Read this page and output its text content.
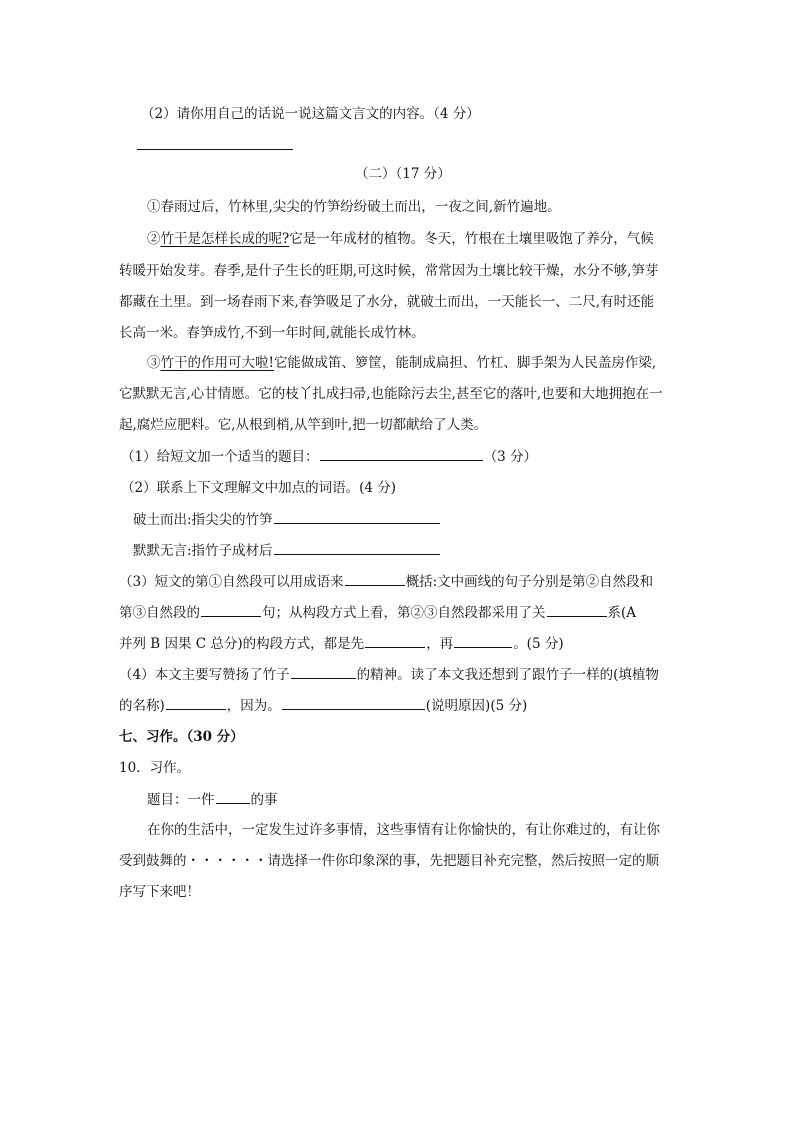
（2）请你用自己的话说一说这篇文言文的内容。（4 分）
（二）（17 分）
①春雨过后，竹林里,尖尖的竹笋纷纷破土而出，一夜之间,新竹遍地。
②竹干是怎样长成的呢?它是一年成材的植物。冬天，竹根在土壤里吸饱了养分，气候
转暖开始发芽。春季,是什子生长的旺期,可这时候，常常因为土壤比较干燥，水分不够,笋芽
都藏在土里。到一场春雨下来,春笋吸足了水分，就破土而出，一天能长一、二尺,有时还能
长高一米。春笋成竹,不到一年时间,就能长成竹林。
③竹干的作用可大啦!它能做成笛、箩筐，能制成扁担、竹杠、脚手架为人民盖房作梁,
它默默无言,心甘情愿。它的枝丫扎成扫帚,也能除污去尘,甚至它的落叶,也要和大地拥抱在一
起,腐烂应肥料。它,从根到梢,从竿到叶,把一切都献给了人类。
（1）给短文加一个适当的题目：	（3 分）
（2）联系上下文理解文中加点的词语。(4 分)
破土而出:指尖尖的竹笋
默默无言:指竹子成材后
（3）短文的第①自然段可以用成语来	概括:文中画线的句子分别是第②自然段和
第③自然段的	句；从构段方式上看，第②③自然段都采用了关	系(A
并列 B 因果 C 总分)的构段方式，都是先	，再	。(5 分)
（4）本文主要写赞扬了竹子	的精神。读了本文我还想到了跟竹子一样的(填植物
的名称)	，因为。	(说明原因)(5 分)
七、习作。（30 分）
10．习作。
题目：一件	的事
在你的生活中，一定发生过许多事情，这些事情有让你愉快的，有让你难过的，有让你
受到鼓舞的・・・・・・请选择一件你印象深的事，先把题目补充完整，然后按照一定的顺
序写下来吧！
